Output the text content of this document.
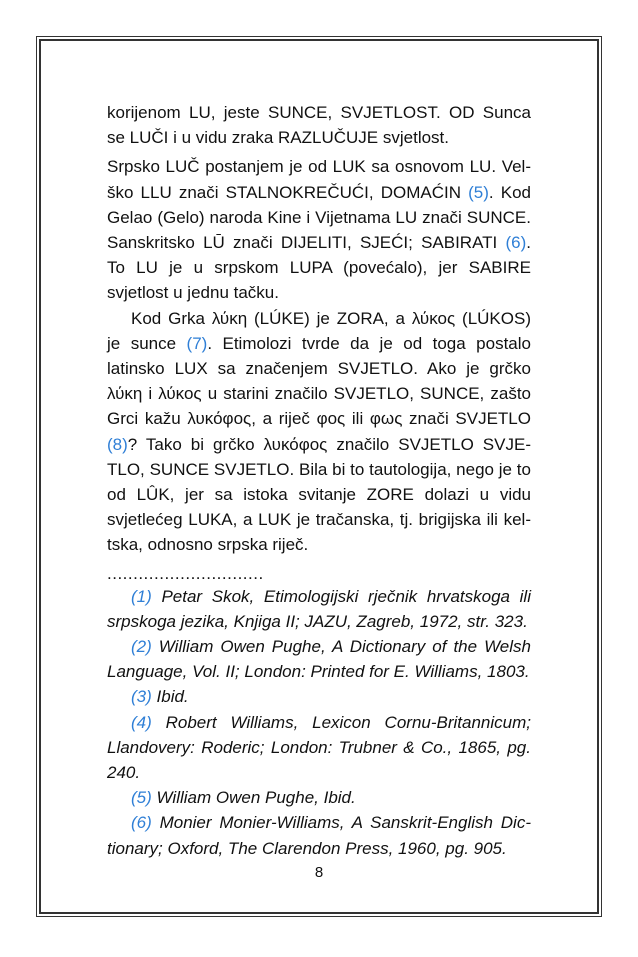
korijenom LU, jeste SUNCE, SVJETLOST. OD Sunca se LUČI i u vidu zraka RAZLUČUJE svjetlost.

Srpsko LUČ postanjem je od LUK sa osnovom LU. Velško LLU znači STALNOKREČUĆI, DOMAĆIN (5). Kod Gelao (Gelo) naroda Kine i Vijetnama LU znači SUNCE. Sanskritsko LŪ znači DIJELITI, SJEĆI; SABIRATI (6). To LU je u srpskom LUPA (povećalo), jer SABIRE svjetlost u jednu tačku.

Kod Grka λύκη (LÚKE) je ZORA, a λύκος (LÚKOS) je sunce (7). Etimolozi tvrde da je od toga postalo latinsko LUX sa značenjem SVJETLO. Ako je grčko λύκη i λύκος u starini značilo SVJETLO, SUNCE, zašto Grci kažu λυκόφος, a riječ φος ili φως znači SVJETLO (8)? Tako bi grčko λυκόφος značilo SVJETLO SVJETLO, SUNCE SVJETLO. Bila bi to tautologija, nego je to od LÛK, jer sa istoka svitanje ZORE dolazi u vidu svjetlećeg LUKA, a LUK je tračanska, tj. brigijska ili keltska, odnosno srpska riječ.

..............................

(1) Petar Skok, Etimologijski rječnik hrvatskoga ili srpskoga jezika, Knjiga II; JAZU, Zagreb, 1972, str. 323.

(2) William Owen Pughe, A Dictionary of the Welsh Language, Vol. II; London: Printed for E. Williams, 1803.

(3) Ibid.

(4) Robert Williams, Lexicon Cornu-Britannicum; Llandovery: Roderic; London: Trubner & Co., 1865, pg. 240.

(5) William Owen Pughe, Ibid.

(6) Monier Monier-Williams, A Sanskrit-English Dictionary; Oxford, The Clarendon Press, 1960, pg. 905.

8
